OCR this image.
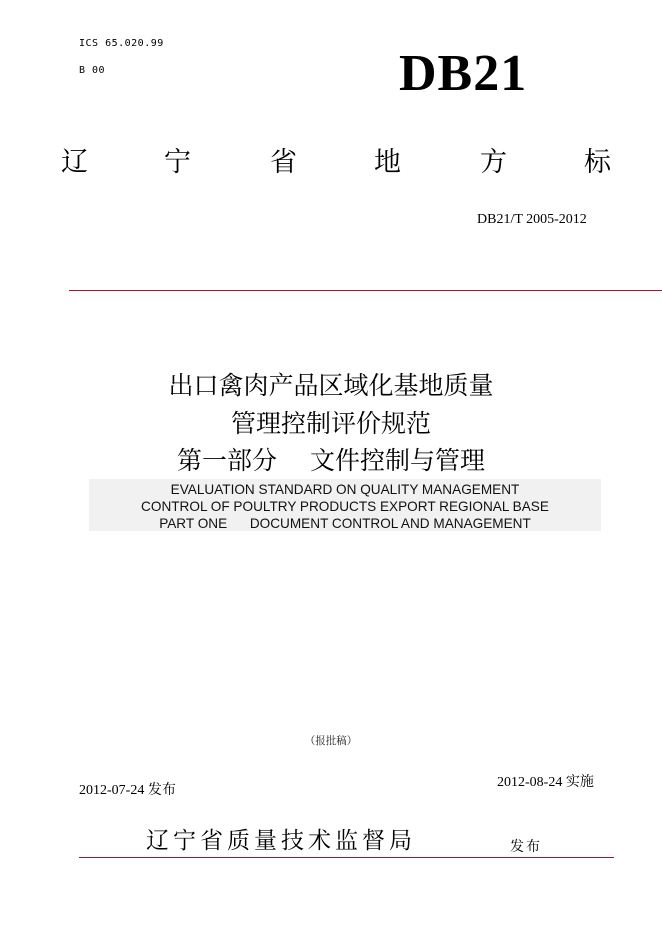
ICS 65.020.99
B 00	DB21
辽	宁	省	地	方	标
DB21/T 2005-2012
出口禽肉产品区域化基地质量
管理控制评价规范
第一部分　 文件控制与管理
EVALUATION STANDARD ON QUALITY MANAGEMENT
CONTROL OF POULTRY PRODUCTS EXPORT REGIONAL BASE
PART ONE      DOCUMENT CONTROL AND MANAGEMENT
（报批稿）
2012-07-24 发布
2012-08-24 实施
辽宁省质量技术监督局	发布
